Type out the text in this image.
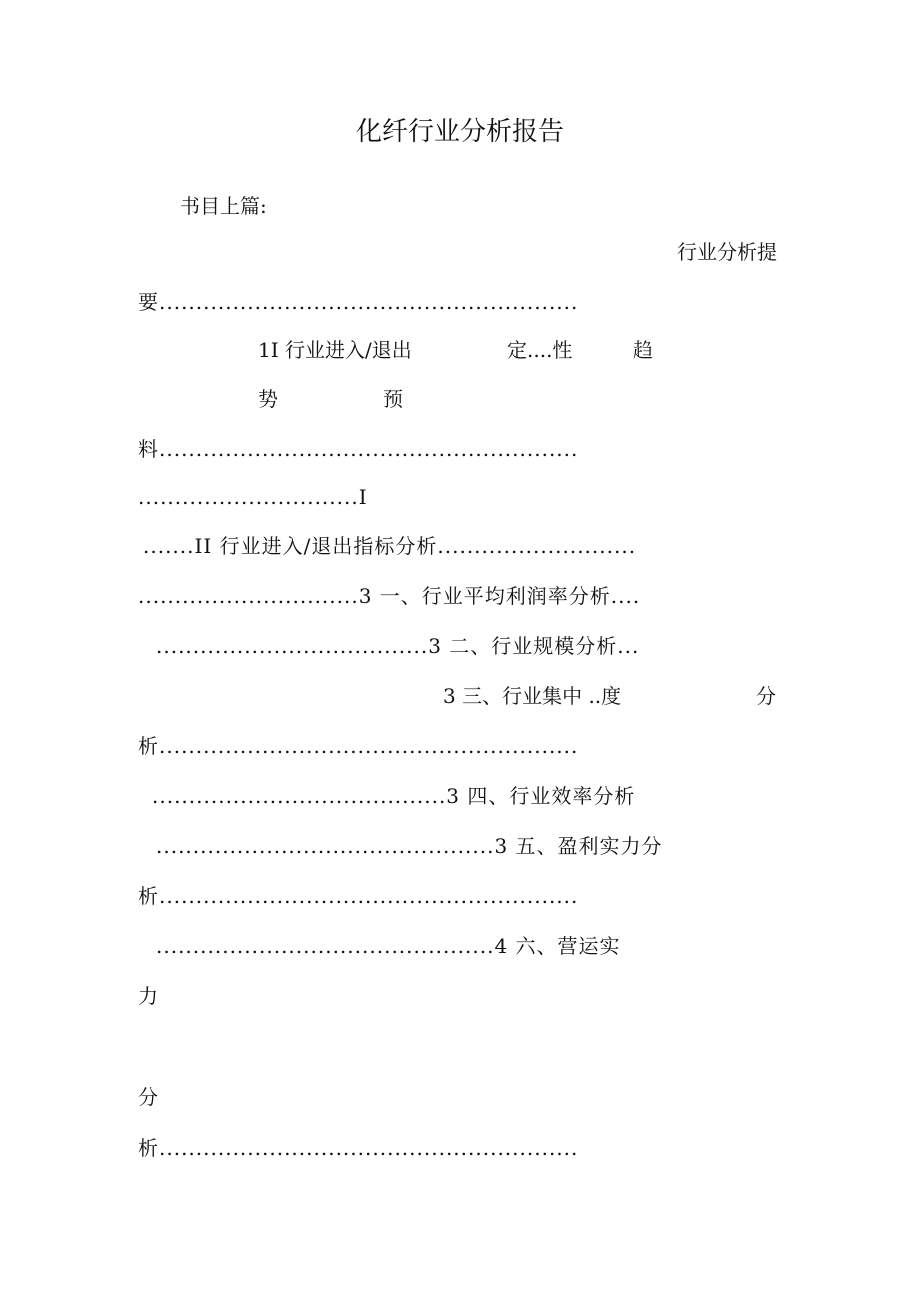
化纤行业分析报告
书目上篇:
行业分析提
要.........................................................
1I 行业进入/退出	定....性	趋
势	预
料.........................................................
..............................I
.......II 行业进入/退出指标分析...........................
..............................3 一、行业平均利润率分析....
.....................................3 二、行业规模分析...
3 三、行业集中 ..度	分
析.........................................................
........................................3 四、行业效率分析
..............................................3 五、盈利实力分
析.........................................................
..............................................4 六、营运实
力
分
析.........................................................
